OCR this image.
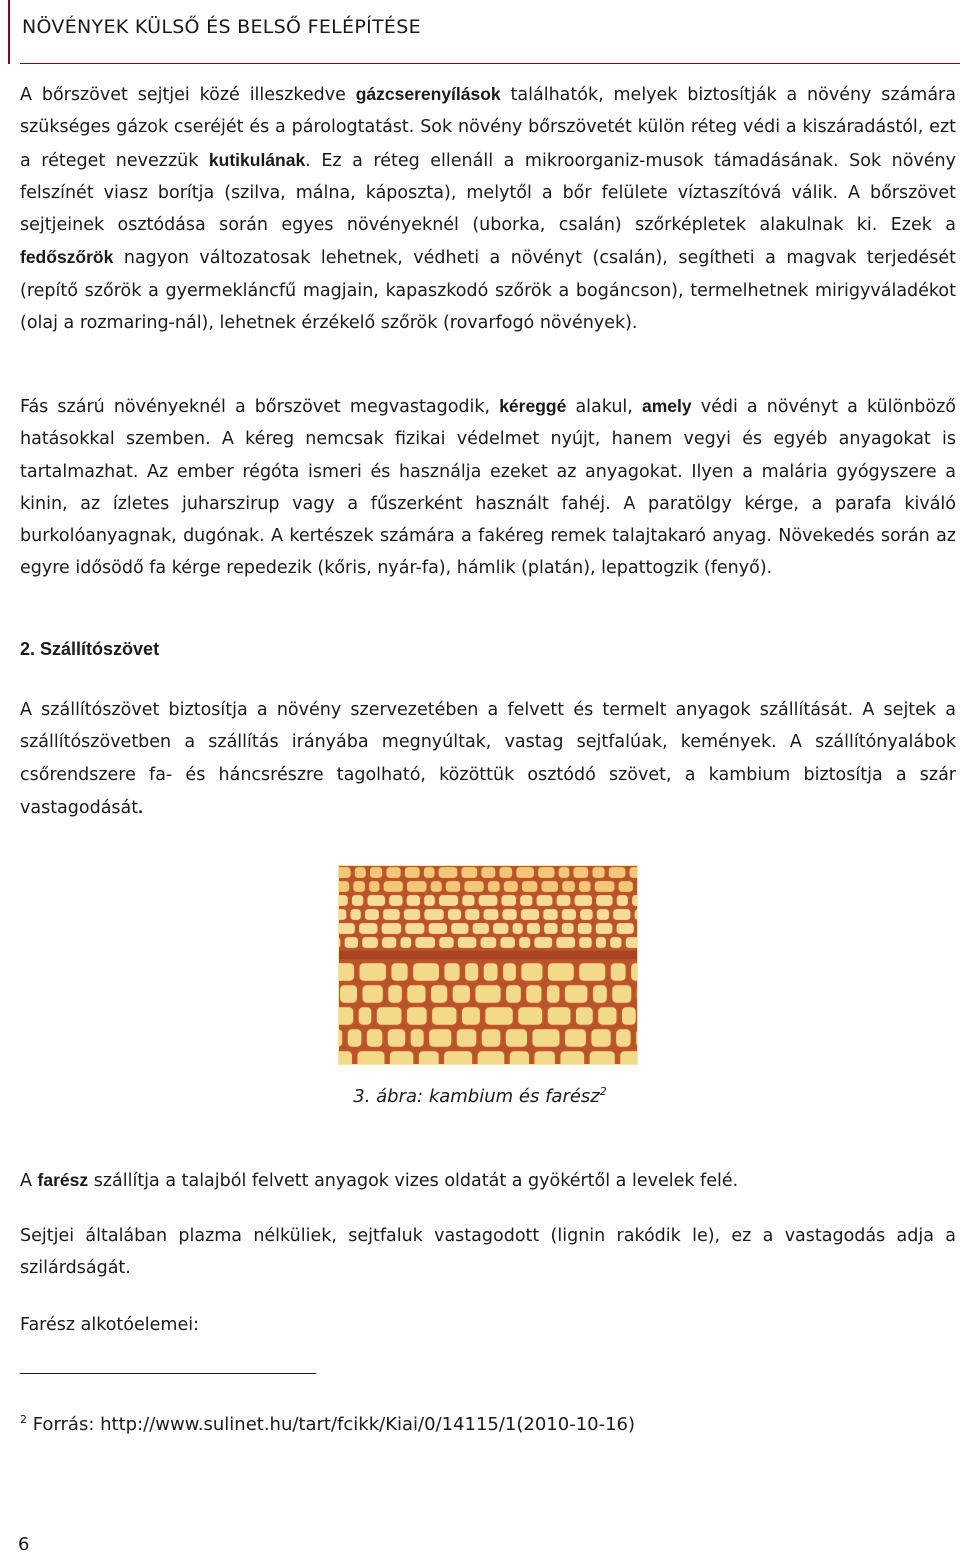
NÖVÉNYEK KÜLSŐ ÉS BELSŐ FELÉPÍTÉSE

A bőrszövet sejtjei közé illeszkedve gázcserenyílások találhatók, melyek biztosítják a növény számára szükséges gázok cseréjét és a párologtatást. Sok növény bőrszövetét külön réteg védi a kiszáradástól, ezt a réteget nevezzük kutikulának. Ez a réteg ellenáll a mikroorganiz-musok támadásának. Sok növény felszínét viasz borítja (szilva, málna, káposzta), melytől a bőr felülete víztaszítóvá válik. A bőrszövet sejtjeinek osztódása során egyes növényeknél (uborka, csalán) szőrképletek alakulnak ki. Ezek a fedőszőrök nagyon változatosak lehetnek, védheti a növényt (csalán), segítheti a magvak terjedését (repítő szőrök a gyermekláncfű magjain, kapaszkodó szőrök a bogáncson), termelhetnek mirigyváladékot (olaj a rozmaring-nál), lehetnek érzékelő szőrök (rovarfogó növények).

Fás szárú növényeknél a bőrszövet megvastagodik, kéreggé alakul, amely védi a növényt a különböző hatásokkal szemben. A kéreg nemcsak fizikai védelmet nyújt, hanem vegyi és egyéb anyagokat is tartalmazhat. Az ember régóta ismeri és használja ezeket az anyagokat. Ilyen a malária gyógyszere a kinin, az ízletes juharszirup vagy a fűszerként használt fahéj. A paratölgy kérge, a parafa kiváló burkolóanyagnak, dugónak. A kertészek számára a fakéreg remek talajtakaró anyag. Növekedés során az egyre idősödő fa kérge repedezik (kőris, nyár-fa), hámlik (platán), lepattogzik (fenyő).

2. Szállítószövet

A szállítószövet biztosítja a növény szervezetében a felvett és termelt anyagok szállítását. A sejtek a szállítószövetben a szállítás irányába megnyúltak, vastag sejtfalúak, kemények. A szállítónyalábok csőrendszere fa- és háncsrészre tagolható, közöttük osztódó szövet, a kambium biztosítja a szár vastagodását.

3. ábra: kambium és farész$^2$

A farész szállítja a talajból felvett anyagok vizes oldatát a gyökértől a levelek felé.

Sejtjei általában plazma nélküliek, sejtfaluk vastagodott (lignin rakódik le), ez a vastagodás adja a szilárdságát.

Farész alkotóelemei:

$^2$ Forrás: http://www.sulinet.hu/tart/fcikk/Kiai/0/14115/1(2010-10-16)

6
